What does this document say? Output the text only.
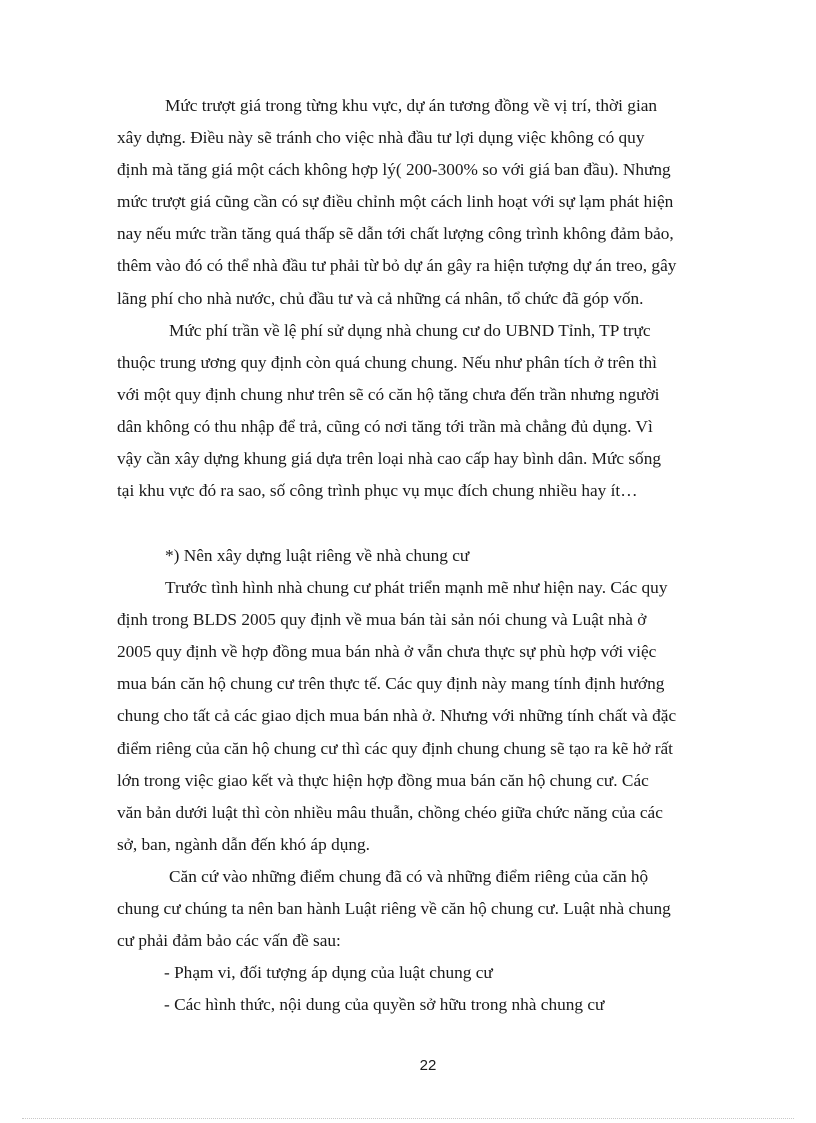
Mức trượt giá trong từng khu vực, dự án tương đồng về vị trí, thời gian
xây dựng. Điều này sẽ tránh cho việc nhà đầu tư lợi dụng việc không có quy
định mà tăng giá một cách không hợp lý( 200-300% so với giá ban đầu). Nhưng
mức trượt giá cũng cần có sự điều chỉnh một cách linh hoạt với sự lạm phát hiện
nay nếu mức trần tăng quá thấp sẽ dẫn tới chất lượng công trình không đảm bảo,
thêm vào đó có thể nhà đầu tư phải từ bỏ dự án gây ra hiện tượng dự án treo, gây
lãng phí cho nhà nước, chủ đầu tư và cả những cá nhân, tổ chức đã góp vốn.
Mức phí trần về lệ phí sử dụng nhà chung cư do UBND Tỉnh, TP trực
thuộc trung ương quy định còn quá chung chung. Nếu như phân tích ở trên thì
với một quy định chung như trên sẽ có căn hộ tăng chưa đến trần nhưng người
dân không có thu nhập để trả, cũng có nơi tăng tới trần mà chẳng đủ dụng. Vì
vậy cần xây dựng khung giá dựa trên loại nhà cao cấp hay bình dân. Mức sống
tại khu vực đó ra sao, số công trình phục vụ mục đích chung nhiều hay ít…
*) Nên xây dựng luật riêng về nhà chung cư
Trước tình hình nhà chung cư phát triển mạnh mẽ như hiện nay. Các quy
định trong BLDS 2005 quy định về mua bán tài sản nói chung và Luật nhà ở
2005 quy định về hợp đồng mua bán nhà ở vẫn chưa thực sự phù hợp với việc
mua bán căn hộ chung cư trên thực tế. Các quy định này mang tính định hướng
chung cho tất cả các giao dịch mua bán nhà ở. Nhưng với những tính chất và đặc
điểm riêng của căn hộ chung cư thì các quy định chung chung sẽ tạo ra kẽ hở rất
lớn trong việc giao kết và thực hiện hợp đồng mua bán căn hộ chung cư. Các
văn bản dưới luật thì còn nhiều mâu thuẫn, chồng chéo giữa chức năng của các
sở, ban, ngành dẫn đến khó áp dụng.
Căn cứ vào những điểm chung đã có và những điểm riêng của căn hộ
chung cư chúng ta nên ban hành Luật riêng về căn hộ chung cư. Luật nhà chung
cư phải đảm bảo các vấn đề sau:
- Phạm vi, đối tượng áp dụng của luật chung cư
- Các hình thức, nội dung của quyền sở hữu trong nhà chung cư
22
